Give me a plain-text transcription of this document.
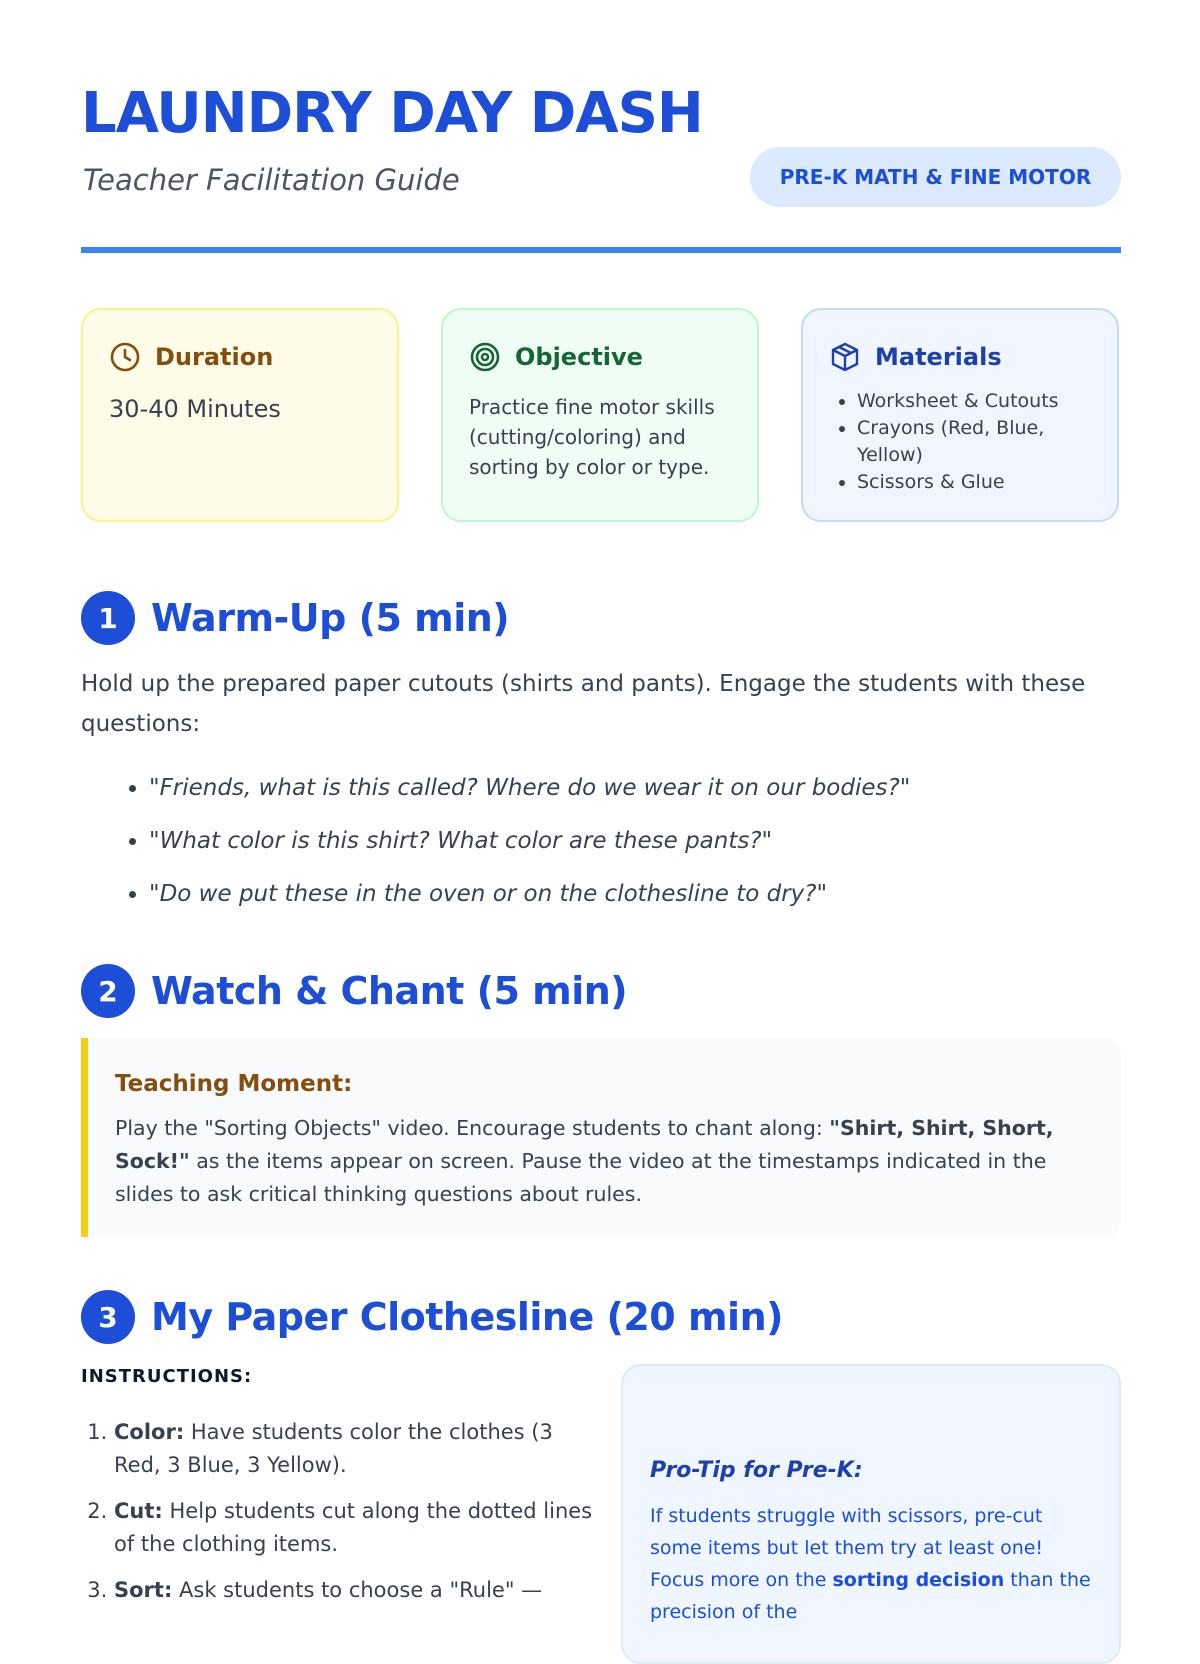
LAUNDRY DAY DASH
Teacher Facilitation Guide	PRE-K MATH & FINE MOTOR
Duration
30-40 Minutes
Objective
Practice fine motor skills (cutting/coloring) and sorting by color or type.
Materials
• Worksheet & Cutouts
• Crayons (Red, Blue, Yellow)
• Scissors & Glue
1 Warm-Up (5 min)

Hold up the prepared paper cutouts (shirts and pants). Engage the students with these questions:

• "Friends, what is this called? Where do we wear it on our bodies?"
• "What color is this shirt? What color are these pants?"
• "Do we put these in the oven or on the clothesline to dry?"
2 Watch & Chant (5 min)
Teaching Moment:
Play the "Sorting Objects" video. Encourage students to chant along: "Shirt, Shirt, Short, Sock!" as the items appear on screen. Pause the video at the timestamps indicated in the slides to ask critical thinking questions about rules.
3 My Paper Clothesline (20 min)
INSTRUCTIONS:
1. Color: Have students color the clothes (3 Red, 3 Blue, 3 Yellow).
2. Cut: Help students cut along the dotted lines of the clothing items.
3. Sort: Ask students to choose a "Rule" —
Pro-Tip for Pre-K:
If students struggle with scissors, pre-cut some items but let them try at least one! Focus more on the sorting decision than the precision of the
